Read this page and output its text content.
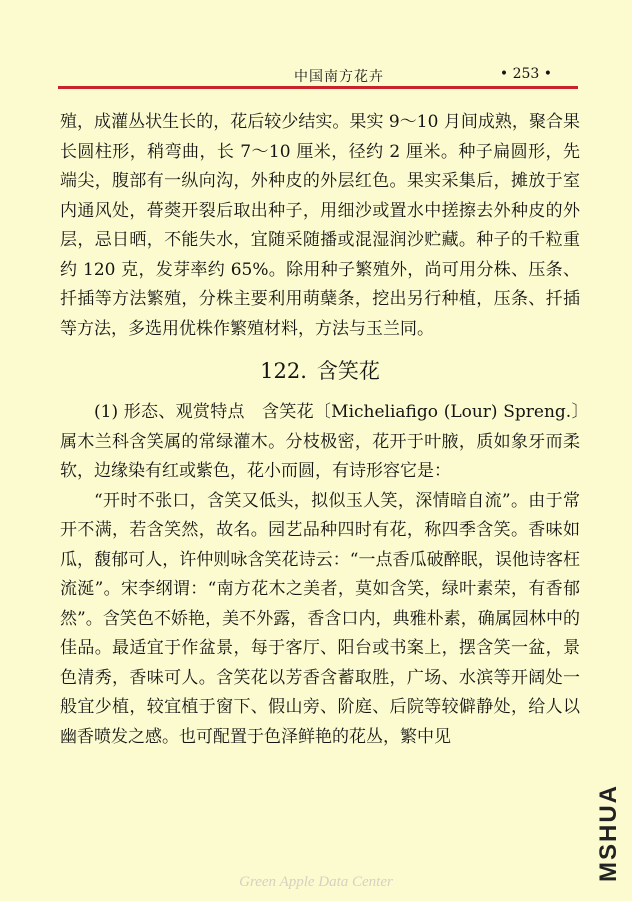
中国南方花卉	• 253 •

殖，成灌丛状生长的，花后较少结实。果实 9～10 月间成熟，聚合果长圆柱形，稍弯曲，长 7～10 厘米，径约 2 厘米。种子扁圆形，先端尖，腹部有一纵向沟，外种皮的外层红色。果实采集后，摊放于室内通风处，蓇葖开裂后取出种子，用细沙或置水中搓擦去外种皮的外层，忌日晒，不能失水，宜随采随播或混湿润沙贮藏。种子的千粒重约 120 克，发芽率约 65%。除用种子繁殖外，尚可用分株、压条、扦插等方法繁殖，分株主要利用萌蘖条，挖出另行种植，压条、扦插等方法，多选用优株作繁殖材料，方法与玉兰同。

122. 含笑花

(1) 形态、观赏特点　含笑花〔Micheliafigo (Lour) Spreng.〕属木兰科含笑属的常绿灌木。分枝极密，花开于叶腋，质如象牙而柔软，边缘染有红或紫色，花小而圆，有诗形容它是：

“开时不张口，含笑又低头，拟似玉人笑，深情暗自流”。由于常开不满，若含笑然，故名。园艺品种四时有花，称四季含笑。香味如瓜，馥郁可人，许仲则咏含笑花诗云：“一点香瓜破醉眠，误他诗客枉流涎”。宋李纲谓：“南方花木之美者，莫如含笑，绿叶素荣，有香郁然”。含笑色不娇艳，美不外露，香含口内，典雅朴素，确属园林中的佳品。最适宜于作盆景，每于客厅、阳台或书案上，摆含笑一盆，景色清秀，香味可人。含笑花以芳香含蓄取胜，广场、水滨等开阔处一般宜少植，较宜植于窗下、假山旁、阶庭、后院等较僻静处，给人以幽香喷发之感。也可配置于色泽鲜艳的花丛，繁中见

Green Apple Data Center	MSHUA
